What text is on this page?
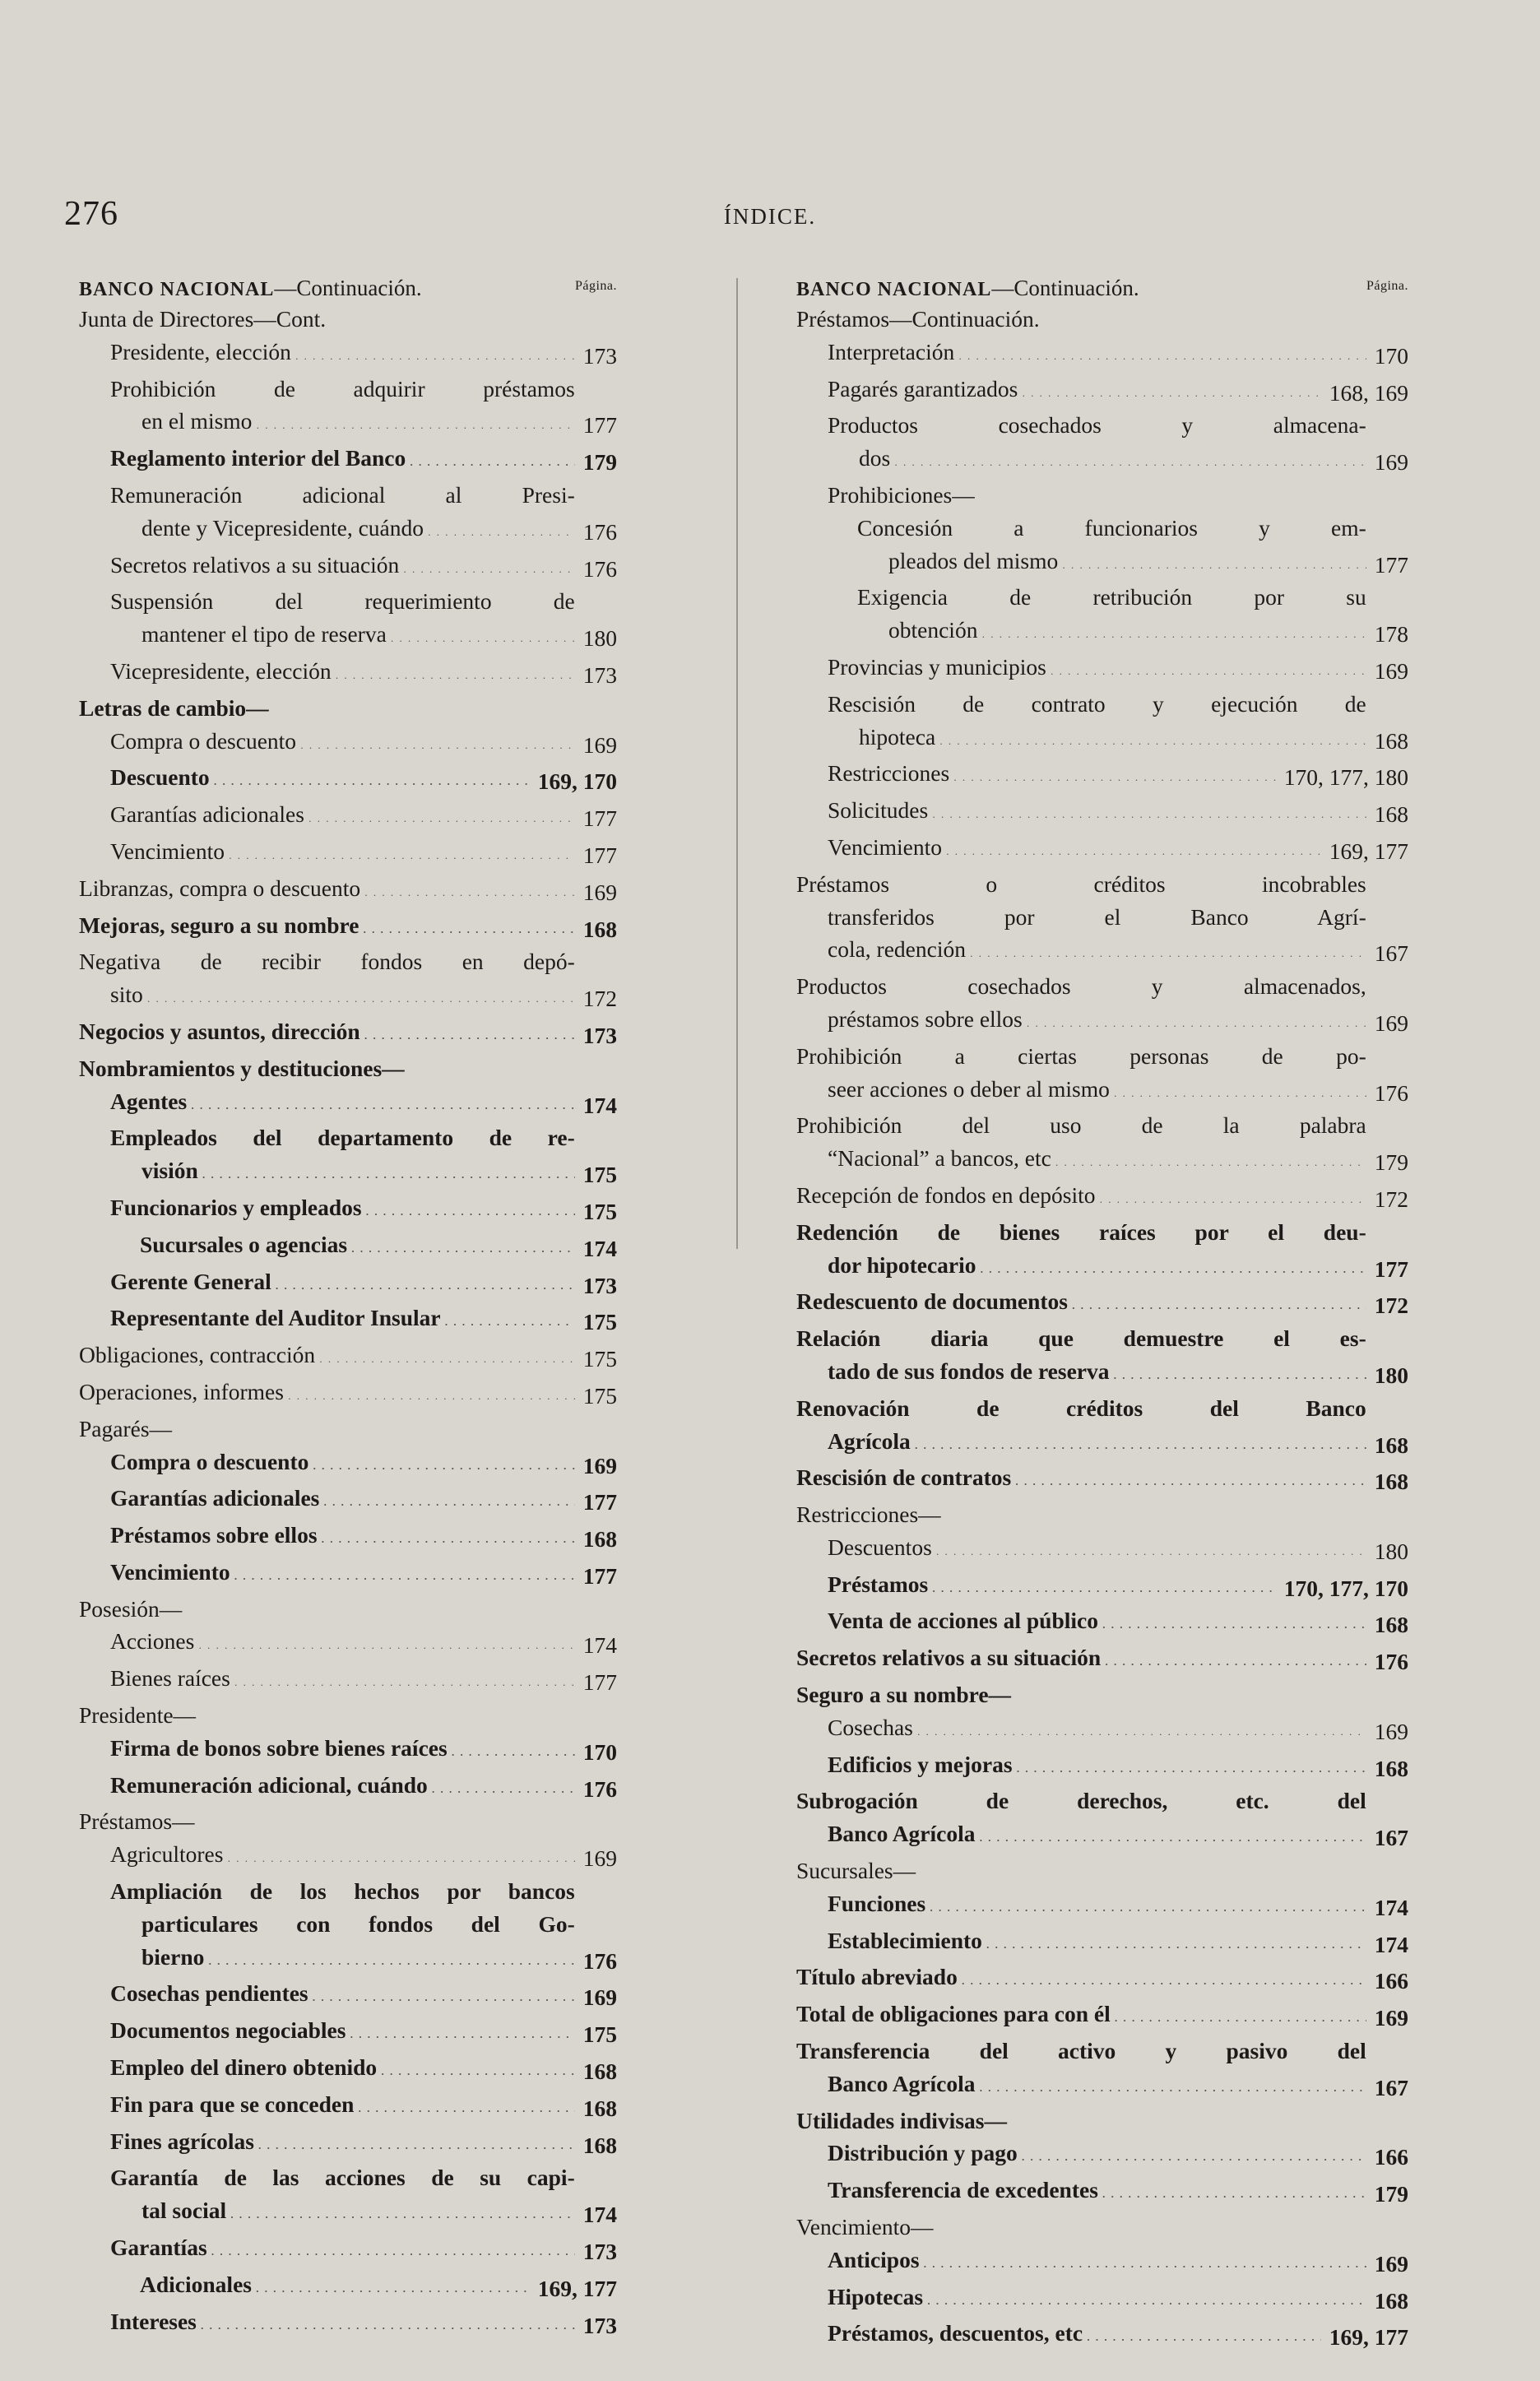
276	ÍNDICE.
BANCO NACIONAL—Continuación.	Página.
Junta de Directores—Cont.
Presidente, elección . . .	173
Prohibición de adquirir préstamos
en el mismo . . .	177
Reglamento interior del Banco . . .	179
Remuneración adicional al Presi-
dente y Vicepresidente, cuándo . . .	176
Secretos relativos a su situación . . .	176
Suspensión del requerimiento de
mantener el tipo de reserva . . .	180
Vicepresidente, elección . . .	173
Letras de cambio—
Compra o descuento . . .	169
Descuento . . .	169, 170
Garantías adicionales . . .	177
Vencimiento . . .	177
Libranzas, compra o descuento . . .	169
Mejoras, seguro a su nombre . . .	168
Negativa de recibir fondos en depó-
sito . . .	172
Negocios y asuntos, dirección . . .	173
Nombramientos y destituciones—
Agentes . . .	174
Empleados del departamento de re-
visión . . .	175
Funcionarios y empleados . . .	175
Sucursales o agencias . . .	174
Gerente General . . .	173
Representante del Auditor Insular . . .	175
Obligaciones, contracción . . .	175
Operaciones, informes . . .	175
Pagarés—
Compra o descuento . . .	169
Garantías adicionales . . .	177
Préstamos sobre ellos . . .	168
Vencimiento . . .	177
Posesión—
Acciones . . .	174
Bienes raíces . . .	177
Presidente—
Firma de bonos sobre bienes raíces . . .	170
Remuneración adicional, cuándo . . .	176
Préstamos—
Agricultores . . .	169
Ampliación de los hechos por bancos
particulares con fondos del Go-
bierno . . .	176
Cosechas pendientes . . .	169
Documentos negociables . . .	175
Empleo del dinero obtenido . . .	168
Fin para que se conceden . . .	168
Fines agrícolas . . .	168
Garantía de las acciones de su capi-
tal social . . .	174
Garantías . . .	173
Adicionales . . .	169, 177
Intereses . . .	173
BANCO NACIONAL—Continuación.	Página.
Préstamos—Continuación.
Interpretación . . .	170
Pagarés garantizados . . .	168, 169
Productos cosechados y almacena-
dos . . .	169
Prohibiciones—
Concesión a funcionarios y em-
pleados del mismo . . .	177
Exigencia de retribución por su
obtención . . .	178
Provincias y municipios . . .	169
Rescisión de contrato y ejecución de
hipoteca . . .	168
Restricciones . . .	170, 177, 180
Solicitudes . . .	168
Vencimiento . . .	169, 177
Préstamos o créditos incobrables
transferidos por el Banco Agrí-
cola, redención . . .	167
Productos cosechados y almacenados,
préstamos sobre ellos . . .	169
Prohibición a ciertas personas de po-
seer acciones o deber al mismo . . .	176
Prohibición del uso de la palabra
“Nacional” a bancos, etc . . .	179
Recepción de fondos en depósito . . .	172
Redención de bienes raíces por el deu-
dor hipotecario . . .	177
Redescuento de documentos . . .	172
Relación diaria que demuestre el es-
tado de sus fondos de reserva . . .	180
Renovación de créditos del Banco
Agrícola . . .	168
Rescisión de contratos . . .	168
Restricciones—
Descuentos . . .	180
Préstamos . . .	170, 177, 170
Venta de acciones al público . . .	168
Secretos relativos a su situación . . .	176
Seguro a su nombre—
Cosechas . . .	169
Edificios y mejoras . . .	168
Subrogación de derechos, etc. del
Banco Agrícola . . .	167
Sucursales—
Funciones . . .	174
Establecimiento . . .	174
Título abreviado . . .	166
Total de obligaciones para con él . . .	169
Transferencia del activo y pasivo del
Banco Agrícola . . .	167
Utilidades indivisas—
Distribución y pago . . .	166
Transferencia de excedentes . . .	179
Vencimiento—
Anticipos . . .	169
Hipotecas . . .	168
Préstamos, descuentos, etc . . .	169, 177
